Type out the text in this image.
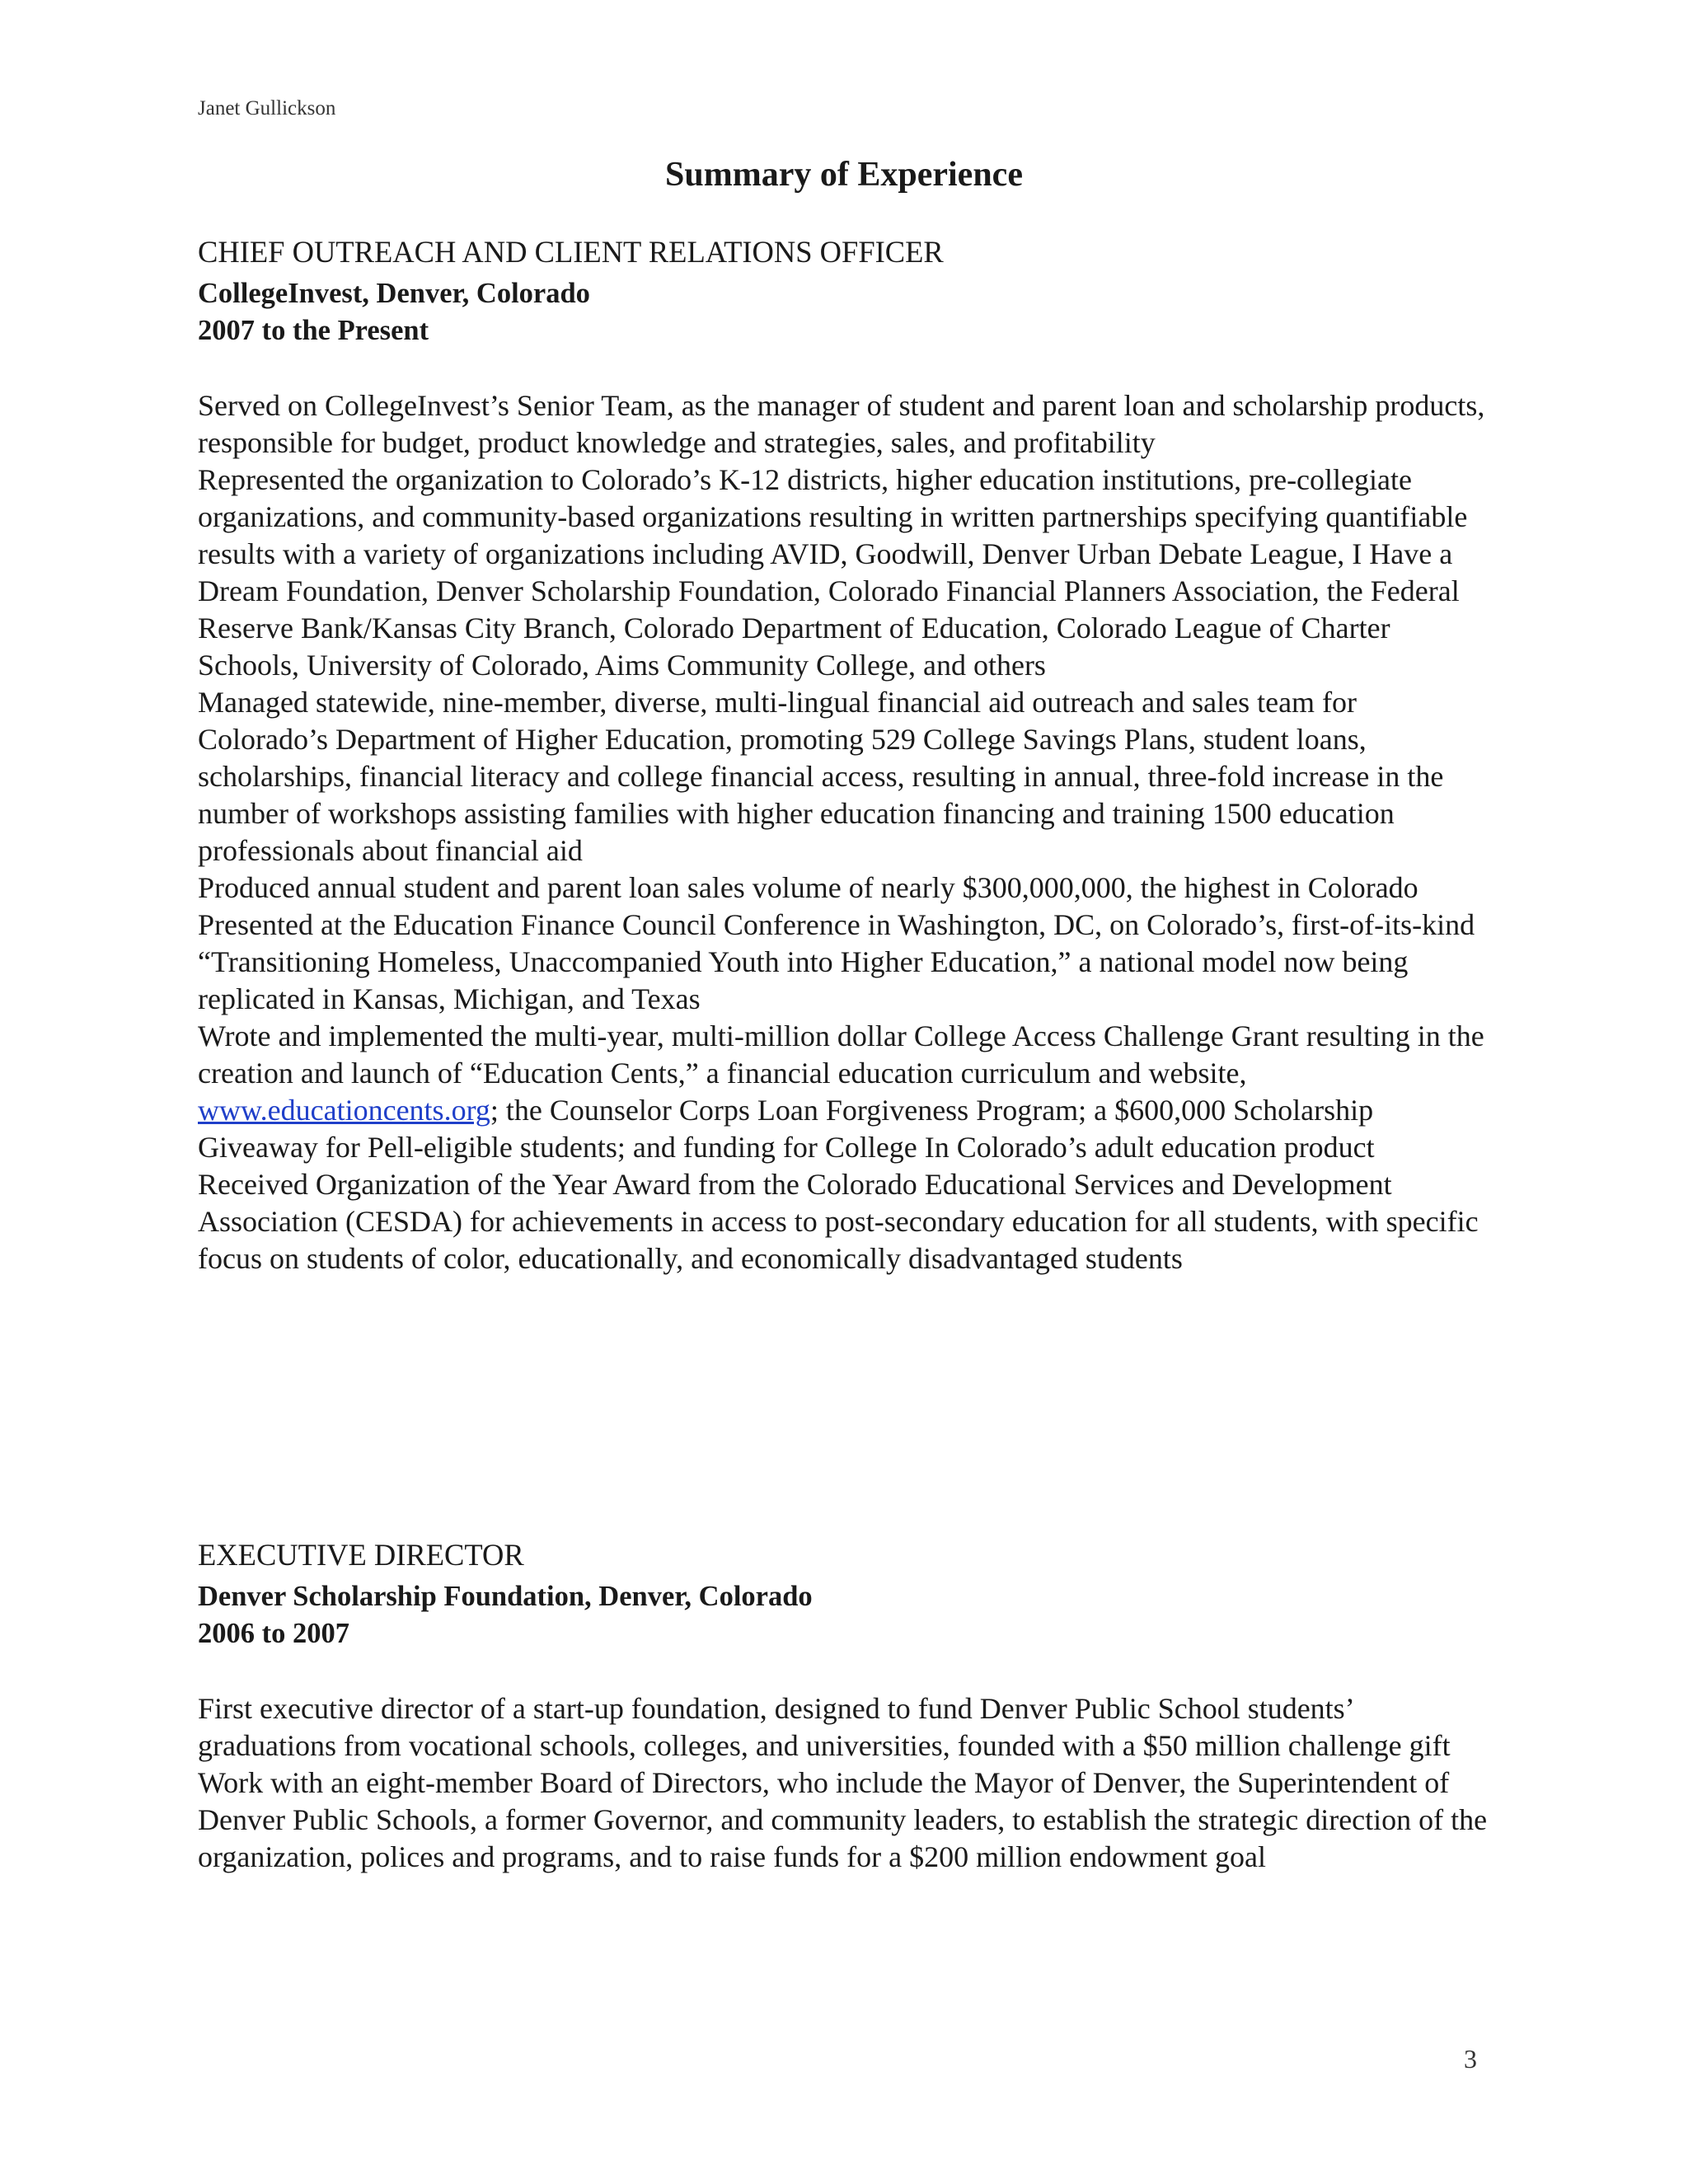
Janet Gullickson
Summary of Experience
CHIEF OUTREACH AND CLIENT RELATIONS OFFICER
CollegeInvest, Denver, Colorado
2007 to the Present
Served on CollegeInvest’s Senior Team, as the manager of student and parent loan and scholarship products, responsible for budget, product knowledge and strategies, sales, and profitability
Represented the organization to Colorado’s K-12 districts, higher education institutions, pre-collegiate organizations, and community-based organizations resulting in written partnerships specifying quantifiable results with a variety of organizations including AVID, Goodwill, Denver Urban Debate League, I Have a Dream Foundation, Denver Scholarship Foundation, Colorado Financial Planners Association, the Federal Reserve Bank/Kansas City Branch, Colorado Department of Education, Colorado League of Charter Schools, University of Colorado, Aims Community College, and others
Managed statewide, nine-member, diverse, multi-lingual financial aid outreach and sales team for Colorado’s Department of Higher Education, promoting 529 College Savings Plans, student loans, scholarships, financial literacy and college financial access, resulting in annual, three-fold increase in the number of workshops assisting families with higher education financing and training 1500 education professionals about financial aid
Produced annual student and parent loan sales volume of nearly $300,000,000, the highest in Colorado
Presented at the Education Finance Council Conference in Washington, DC, on Colorado’s, first-of-its-kind “Transitioning Homeless, Unaccompanied Youth into Higher Education,” a national model now being replicated in Kansas, Michigan, and Texas
Wrote and implemented the multi-year, multi-million dollar College Access Challenge Grant resulting in the creation and launch of “Education Cents,” a financial education curriculum and website, www.educationcents.org; the Counselor Corps Loan Forgiveness Program; a $600,000 Scholarship Giveaway for Pell-eligible students; and funding for College In Colorado’s adult education product
Received Organization of the Year Award from the Colorado Educational Services and Development Association (CESDA) for achievements in access to post-secondary education for all students, with specific focus on students of color, educationally, and economically disadvantaged students
EXECUTIVE DIRECTOR
Denver Scholarship Foundation, Denver, Colorado
2006 to 2007
First executive director of a start-up foundation, designed to fund Denver Public School students’ graduations from vocational schools, colleges, and universities, founded with a $50 million challenge gift
Work with an eight-member Board of Directors, who include the Mayor of Denver, the Superintendent of Denver Public Schools, a former Governor, and community leaders, to establish the strategic direction of the organization, polices and programs, and to raise funds for a $200 million endowment goal
3
